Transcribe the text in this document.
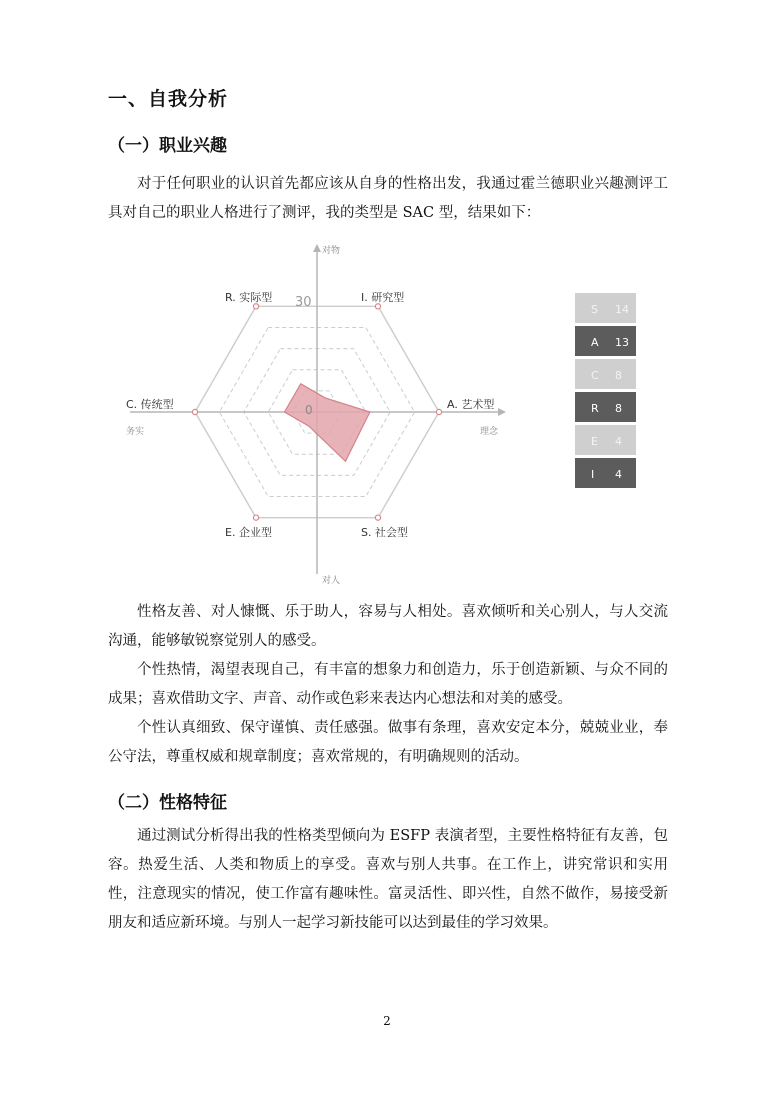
一、自我分析
（一）职业兴趣
对于任何职业的认识首先都应该从自身的性格出发，我通过霍兰德职业兴趣测评工具对自己的职业人格进行了测评，我的类型是 SAC 型，结果如下：
对物
对人
务实	理念
30
0
R. 实际型	I. 研究型
A. 艺术型
S. 社会型
E. 企业型
C. 传统型
S 14
A 13
C 8
R 8
E 4
I 4
性格友善、对人慷慨、乐于助人，容易与人相处。喜欢倾听和关心别人，与人交流沟通，能够敏锐察觉别人的感受。
个性热情，渴望表现自己，有丰富的想象力和创造力，乐于创造新颖、与众不同的成果；喜欢借助文字、声音、动作或色彩来表达内心想法和对美的感受。
个性认真细致、保守谨慎、责任感强。做事有条理，喜欢安定本分，兢兢业业，奉公守法，尊重权威和规章制度；喜欢常规的，有明确规则的活动。
（二）性格特征
通过测试分析得出我的性格类型倾向为 ESFP 表演者型，主要性格特征有友善，包容。热爱生活、人类和物质上的享受。喜欢与别人共事。在工作上，讲究常识和实用性，注意现实的情况，使工作富有趣味性。富灵活性、即兴性，自然不做作，易接受新朋友和适应新环境。与别人一起学习新技能可以达到最佳的学习效果。
2
